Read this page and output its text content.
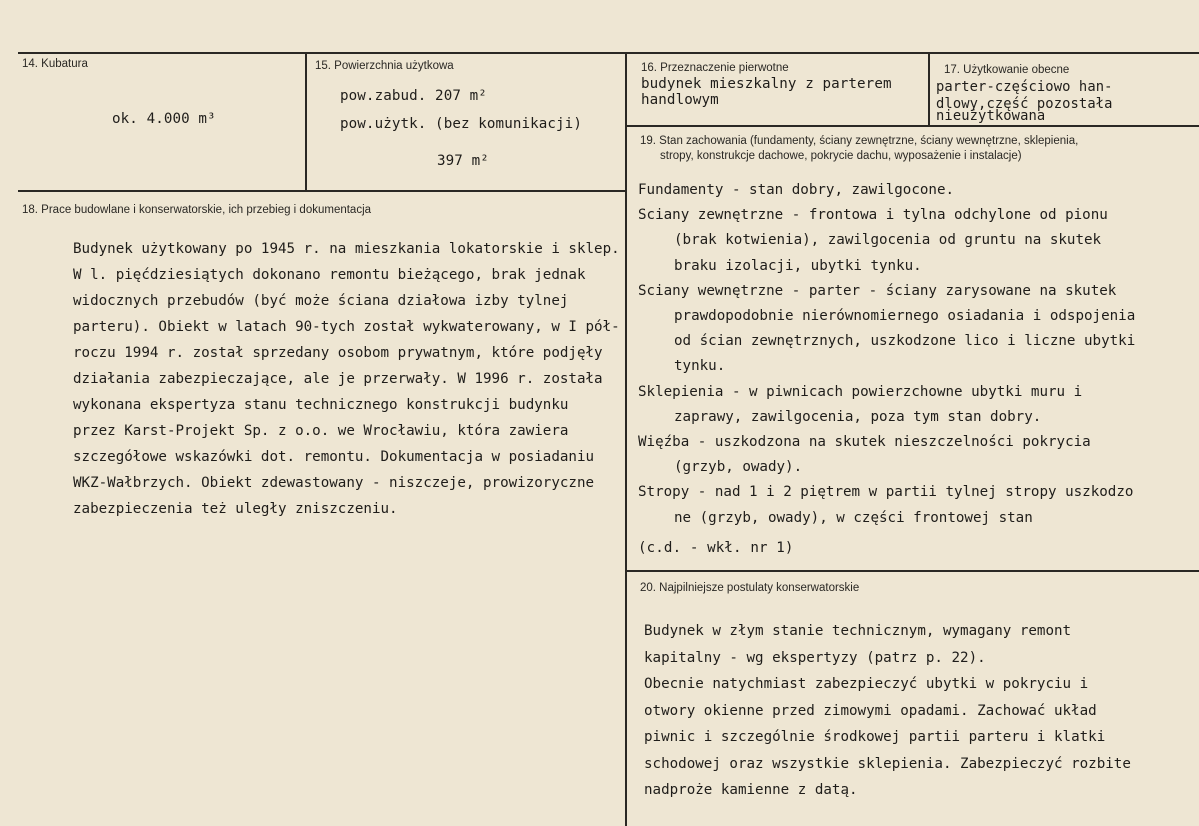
14. Kubatura
ok. 4.000 m³
15. Powierzchnia użytkowa
pow.zabud. 207 m²
pow.użytk. (bez komunikacji)
397 m²
16. Przeznaczenie pierwotne
budynek mieszkalny z parterem
handlowym
17. Użytkowanie obecne
parter-częściowo han-
dlowy,część pozostała
nieużytkowana
18. Prace budowlane i konserwatorskie, ich przebieg i dokumentacja
Budynek użytkowany po 1945 r. na mieszkania lokatorskie i sklep.
W l. pięćdziesiątych dokonano remontu bieżącego, brak jednak
widocznych przebudów (być może ściana działowa izby tylnej
parteru). Obiekt w latach 90-tych został wykwaterowany, w I pół-
roczu 1994 r. został sprzedany osobom prywatnym, które podjęły
działania zabezpieczające, ale je przerwały. W 1996 r. została
wykonana ekspertyza stanu technicznego konstrukcji budynku
przez Karst-Projekt Sp. z o.o. we Wrocławiu, która zawiera
szczegółowe wskazówki dot. remontu. Dokumentacja w posiadaniu
WKZ-Wałbrzych. Obiekt zdewastowany - niszczeje, prowizoryczne
zabezpieczenia też uległy zniszczeniu.
19. Stan zachowania (fundamenty, ściany zewnętrzne, ściany wewnętrzne, sklepienia,
stropy, konstrukcje dachowe, pokrycie dachu, wyposażenie i instalacje)
Fundamenty - stan dobry, zawilgocone.
Sciany zewnętrzne - frontowa i tylna odchylone od pionu
(brak kotwienia), zawilgocenia od gruntu na skutek
braku izolacji, ubytki tynku.
Sciany wewnętrzne - parter - ściany zarysowane na skutek
prawdopodobnie nierównomiernego osiadania i odspojenia
od ścian zewnętrznych, uszkodzone lico i liczne ubytki
tynku.
Sklepienia - w piwnicach powierzchowne ubytki muru i
zaprawy, zawilgocenia, poza tym stan dobry.
Więźba - uszkodzona na skutek nieszczelności pokrycia
(grzyb, owady).
Stropy - nad 1 i 2 piętrem w partii tylnej stropy uszkodzo
ne (grzyb, owady), w części frontowej stan
(c.d. - wkł. nr 1)
20. Najpilniejsze postulaty konserwatorskie
Budynek w złym stanie technicznym, wymagany remont
kapitalny - wg ekspertyzy (patrz p. 22).
Obecnie natychmiast zabezpieczyć ubytki w pokryciu i
otwory okienne przed zimowymi opadami. Zachować układ
piwnic i szczególnie środkowej partii parteru i klatki
schodowej oraz wszystkie sklepienia. Zabezpieczyć rozbite
nadproże kamienne z datą.
